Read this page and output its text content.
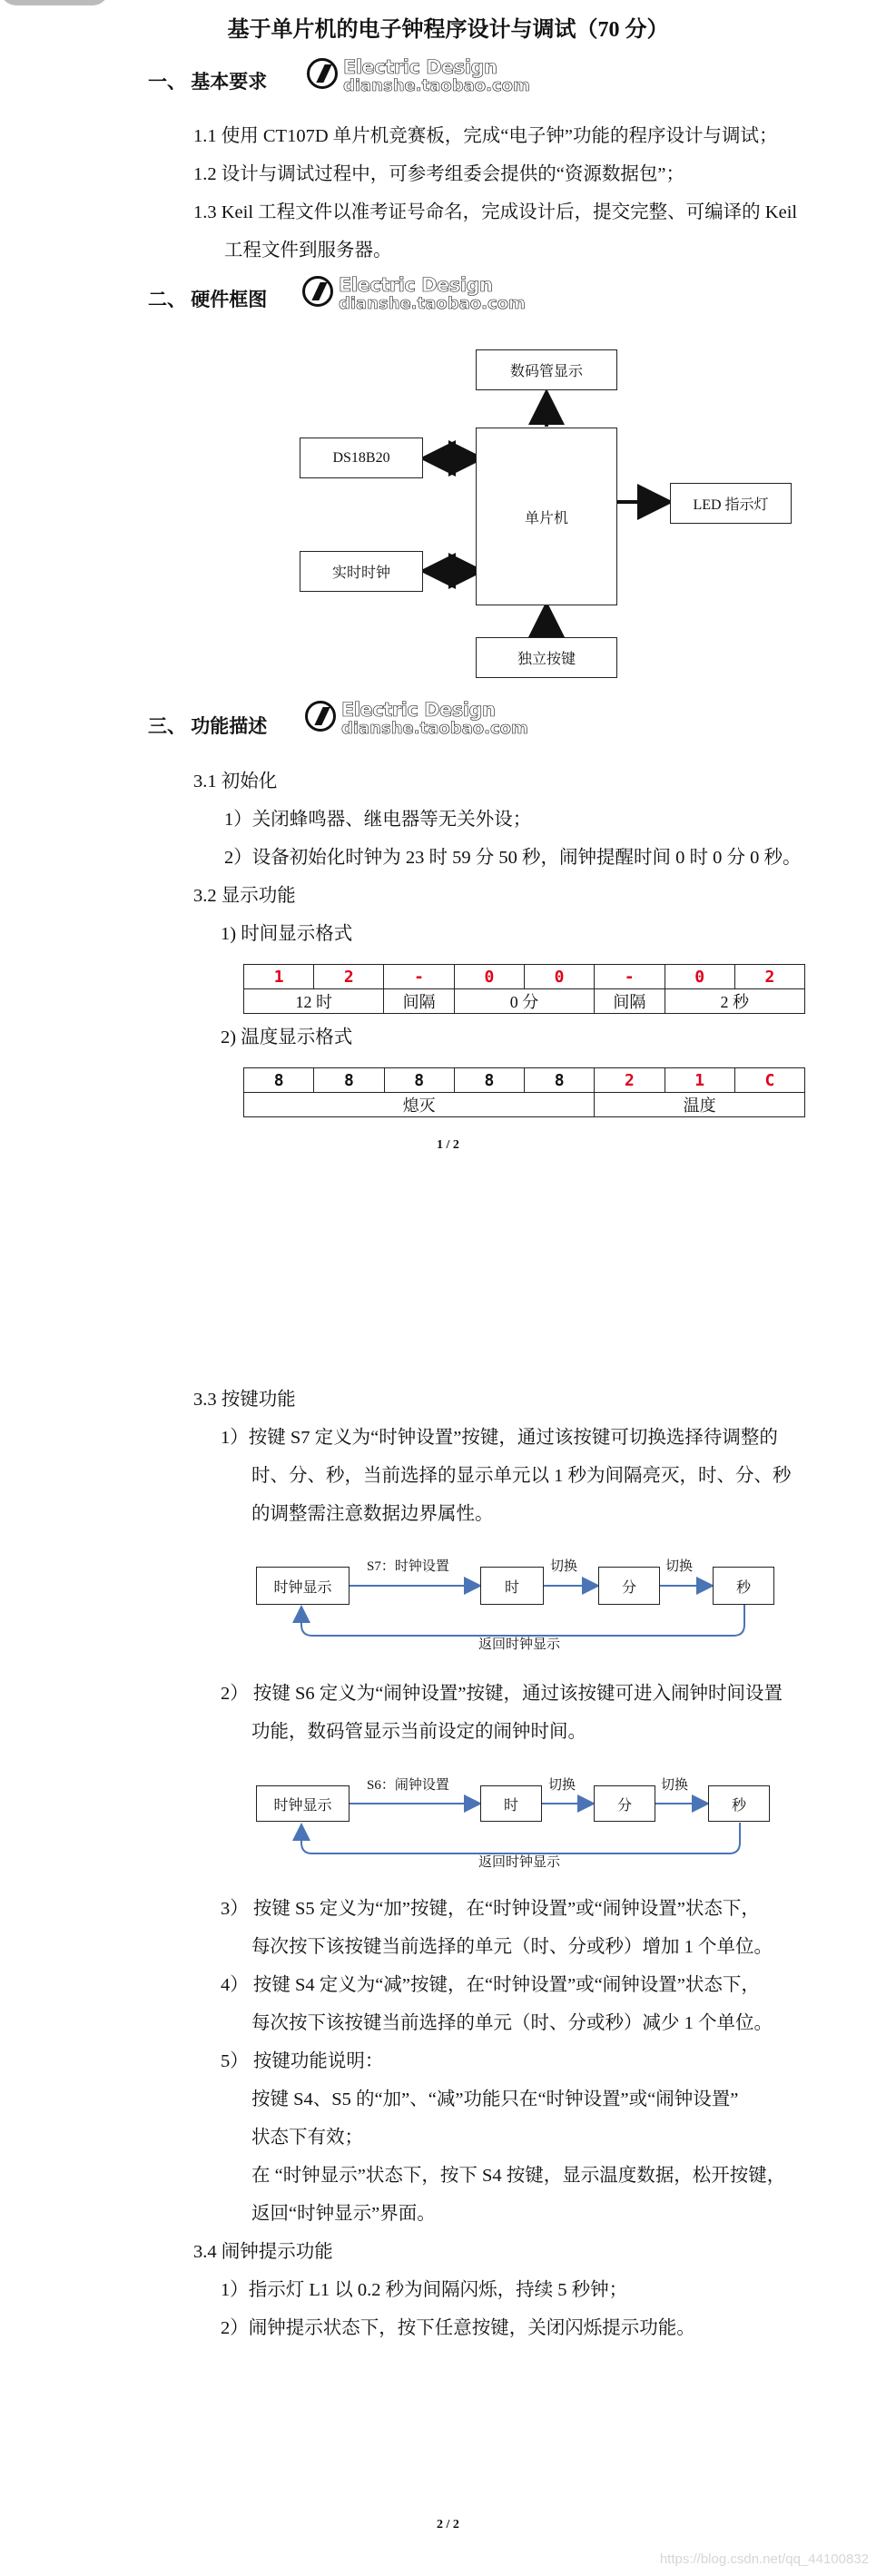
基于单片机的电子钟程序设计与调试（70 分）
一、 基本要求
Electric Design
dianshe.taobao.com
1.1 使用 CT107D 单片机竞赛板，完成“电子钟”功能的程序设计与调试；
1.2 设计与调试过程中，可参考组委会提供的“资源数据包”；
1.3 Keil 工程文件以准考证号命名，完成设计后，提交完整、可编译的 Keil
工程文件到服务器。
二、 硬件框图
Electric Design
dianshe.taobao.com
数码管显示
DS18B20
单片机
LED 指示灯
实时时钟
独立按键
三、 功能描述
Electric Design
dianshe.taobao.com
3.1 初始化
1）关闭蜂鸣器、继电器等无关外设；
2）设备初始化时钟为 23 时 59 分 50 秒，闹钟提醒时间 0 时 0 分 0 秒。
3.2 显示功能
1) 时间显示格式
1	2	-	0	0	-	0	2
12 时		间隔	0 分		间隔	2 秒	
2) 温度显示格式
8	8	8	8	8	2	1	C
熄灭					温度		
1 / 2
3.3 按键功能
1）按键 S7 定义为“时钟设置”按键，通过该按键可切换选择待调整的
时、分、秒，当前选择的显示单元以 1 秒为间隔亮灭，时、分、秒
的调整需注意数据边界属性。
时钟显示
S7：时钟设置
时
切换
分
切换
秒
返回时钟显示
2） 按键 S6 定义为“闹钟设置”按键，通过该按键可进入闹钟时间设置
功能，数码管显示当前设定的闹钟时间。
时钟显示
S6：闹钟设置
时
切换
分
切换
秒
返回时钟显示
3） 按键 S5 定义为“加”按键，在“时钟设置”或“闹钟设置”状态下，
每次按下该按键当前选择的单元（时、分或秒）增加 1 个单位。
4） 按键 S4 定义为“减”按键，在“时钟设置”或“闹钟设置”状态下，
每次按下该按键当前选择的单元（时、分或秒）减少 1 个单位。
5） 按键功能说明：
按键 S4、S5 的“加”、“减”功能只在“时钟设置”或“闹钟设置”
状态下有效；
在 “时钟显示”状态下，按下 S4 按键，显示温度数据，松开按键，
返回“时钟显示”界面。
3.4 闹钟提示功能
1）指示灯 L1 以 0.2 秒为间隔闪烁，持续 5 秒钟；
2）闹钟提示状态下，按下任意按键，关闭闪烁提示功能。
2 / 2
https://blog.csdn.net/qq_44100832
